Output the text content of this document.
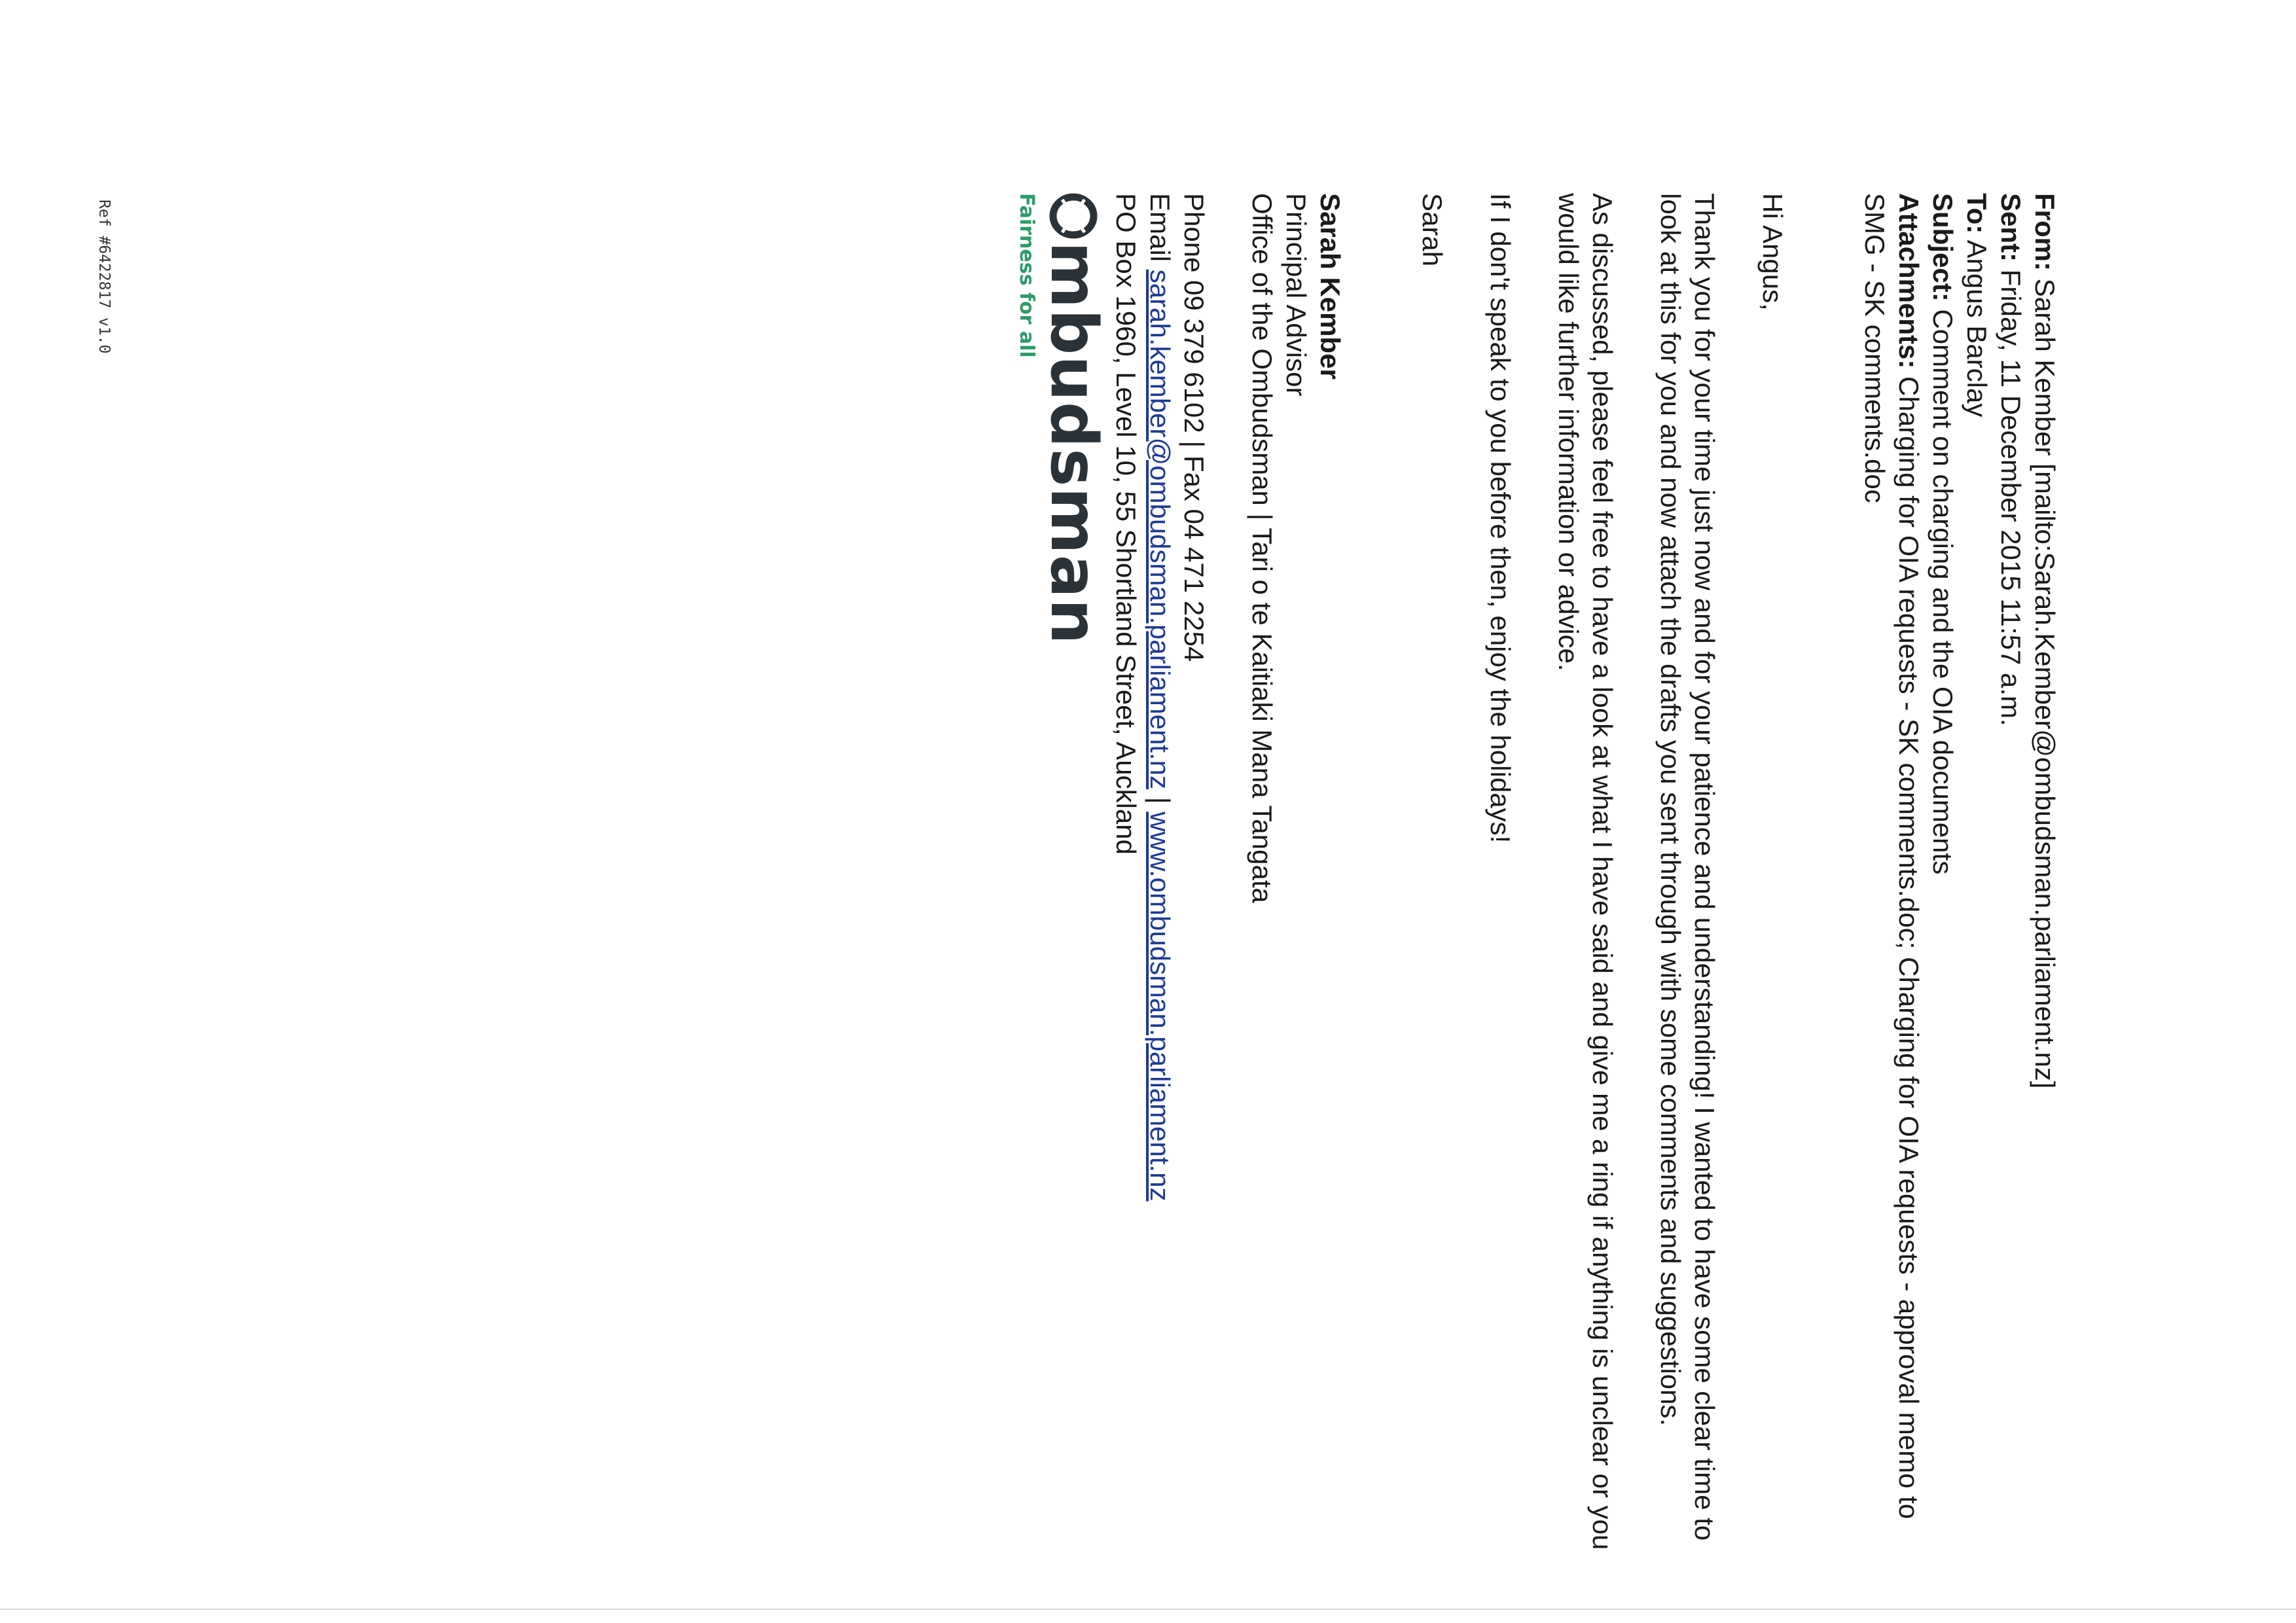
From: Sarah Kember [mailto:Sarah.Kember@ombudsman.parliament.nz]

Sent: Friday, 11 December 2015 11:57 a.m.

To: Angus Barclay

Subject: Comment on charging and the OIA documents

Attachments: Charging for OIA requests - SK comments.doc; Charging for OIA requests - approval memo to SMG - SK comments.doc

Hi Angus,

Thank you for your time just now and for your patience and understanding! I wanted to have some clear time to look at this for you and now attach the drafts you sent through with some comments and suggestions.

As discussed, please feel free to have a look at what I have said and give me a ring if anything is unclear or you would like further information or advice.

If I don't speak to you before then, enjoy the holidays!

Sarah

Sarah Kember

Principal Advisor

Office of the Ombudsman | Tari o te Kaitiaki Mana Tangata

Phone 09 379 6102 | Fax 04 471 2254

Email sarah.kember@ombudsman.parliament.nz | www.ombudsman.parliament.nz

PO Box 1960, Level 10, 55 Shortland Street, Auckland

mbudsman
Fairness for all
Ref #6422817 v1.0
